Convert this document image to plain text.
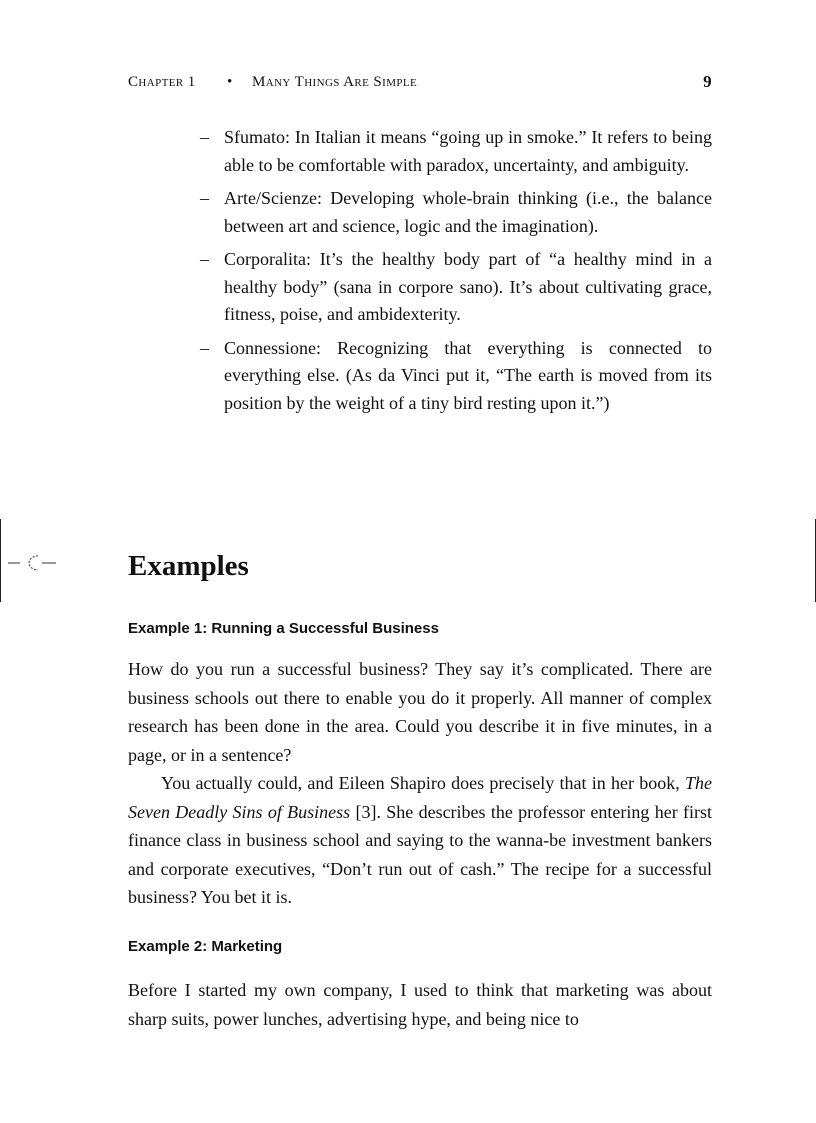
Chapter 1 • Many Things Are Simple	9
– Sfumato: In Italian it means “going up in smoke.” It refers to being able to be comfortable with paradox, uncertainty, and ambiguity.
– Arte/Scienze: Developing whole-brain thinking (i.e., the balance between art and science, logic and the imagination).
– Corporalita: It’s the healthy body part of “a healthy mind in a healthy body” (sana in corpore sano). It’s about cultivating grace, fitness, poise, and ambidexterity.
– Connessione: Recognizing that everything is connected to everything else. (As da Vinci put it, “The earth is moved from its position by the weight of a tiny bird resting upon it.”)
Examples
Example 1: Running a Successful Business

How do you run a successful business? They say it’s complicated. There are business schools out there to enable you do it properly. All manner of complex research has been done in the area. Could you describe it in five minutes, in a page, or in a sentence?

You actually could, and Eileen Shapiro does precisely that in her book, The Seven Deadly Sins of Business [3]. She describes the professor entering her first finance class in business school and saying to the wanna-be investment bankers and corporate executives, “Don’t run out of cash.” The recipe for a successful business? You bet it is.

Example 2: Marketing

Before I started my own company, I used to think that marketing was about sharp suits, power lunches, advertising hype, and being nice to
